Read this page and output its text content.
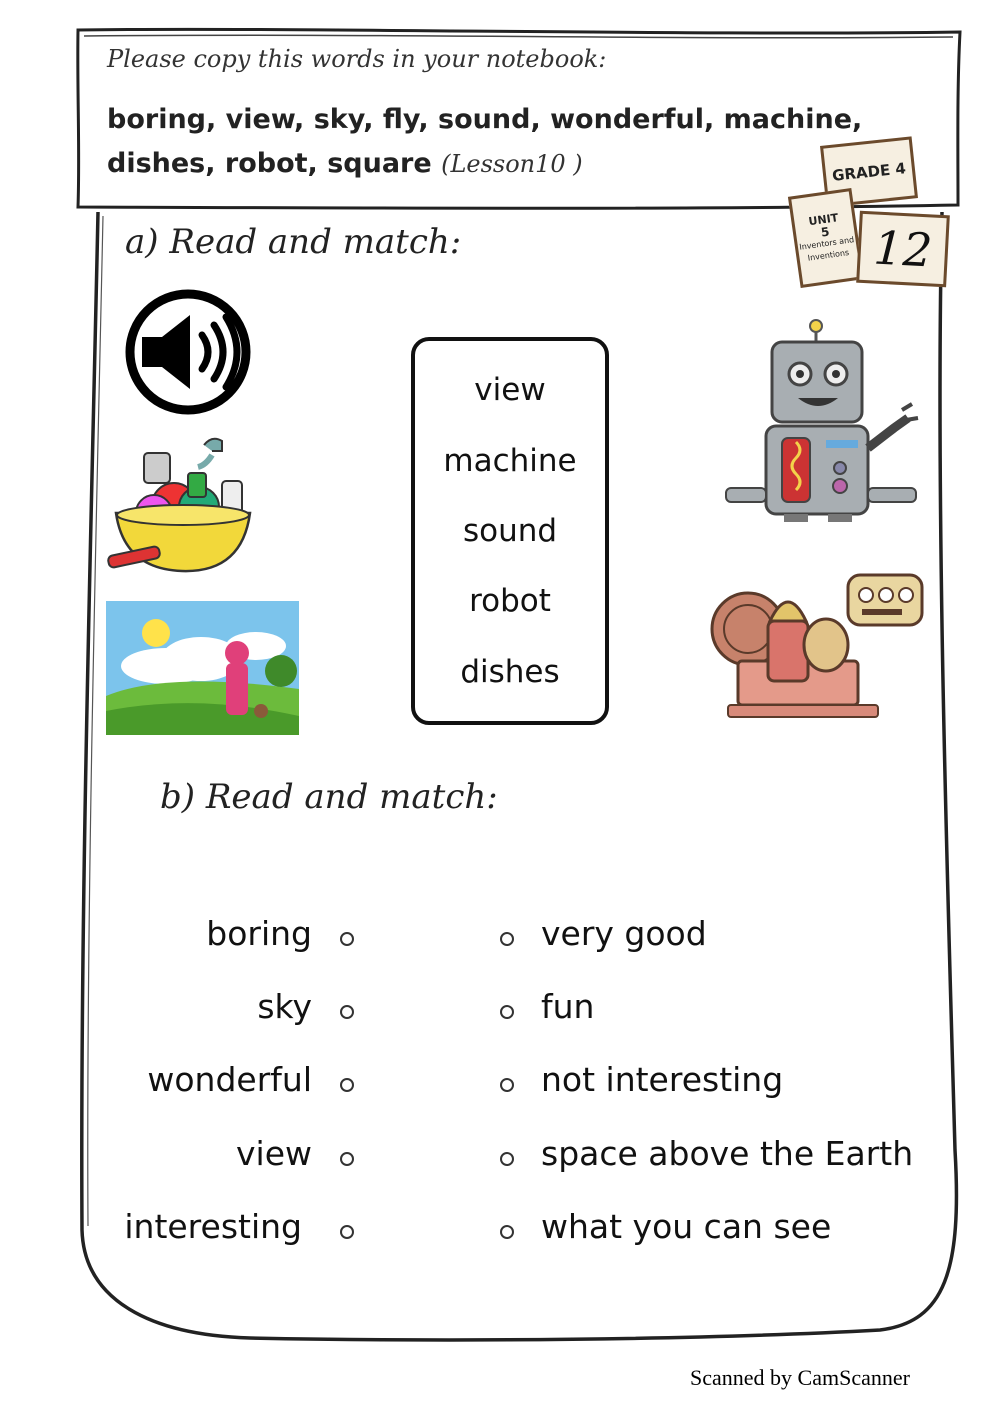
Please copy this words in your notebook:
boring, view, sky, fly, sound, wonderful, machine, dishes, robot, square (Lesson10 )	GRADE 4
UNIT
5
Inventors and Inventions 12
a) Read and match:
view
machine
sound
robot
dishes
b) Read and match:
boring	very good
sky	fun
wonderful	not interesting
view	space above the Earth
interesting	what you can see
Scanned by CamScanner
